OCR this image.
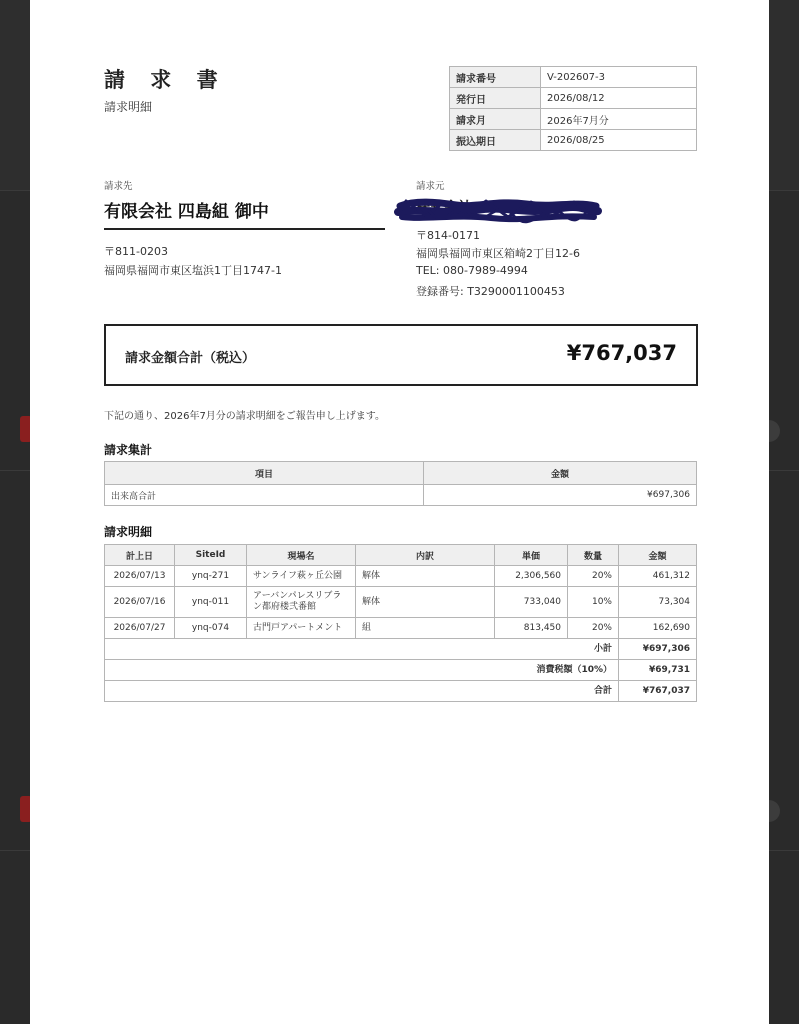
請 求 書
請求明細
請求番号	V-202607-3
発行日	2026/08/12
請求月	2026年7月分
振込期日	2026/08/25
請求先
有限会社 四島組 御中
〒811-0203
福岡県福岡市東区塩浜1丁目1747-1
請求元
株式会社 KENSEI
〒814-0171
福岡県福岡市東区箱崎2丁目12-6
TEL: 080-7989-4994
登録番号: T3290001100453
請求金額合計（税込）	¥767,037
下記の通り、2026年7月分の請求明細をご報告申し上げます。
請求集計
項目	金額
出来高合計	¥697,306
請求明細
計上日	SiteId	現場名	内訳	単価	数量	金額
2026/07/13	ynq-271	サンライフ萩ヶ丘公園	解体	2,306,560	20%	461,312
2026/07/16	ynq-011	アーバンパレスリブラン都府楼弐番館	解体	733,040	10%	73,304
2026/07/27	ynq-074	古門戸アパートメント	組	813,450	20%	162,690
小計						¥697,306
消費税額（10%）						¥69,731
合計						¥767,037
